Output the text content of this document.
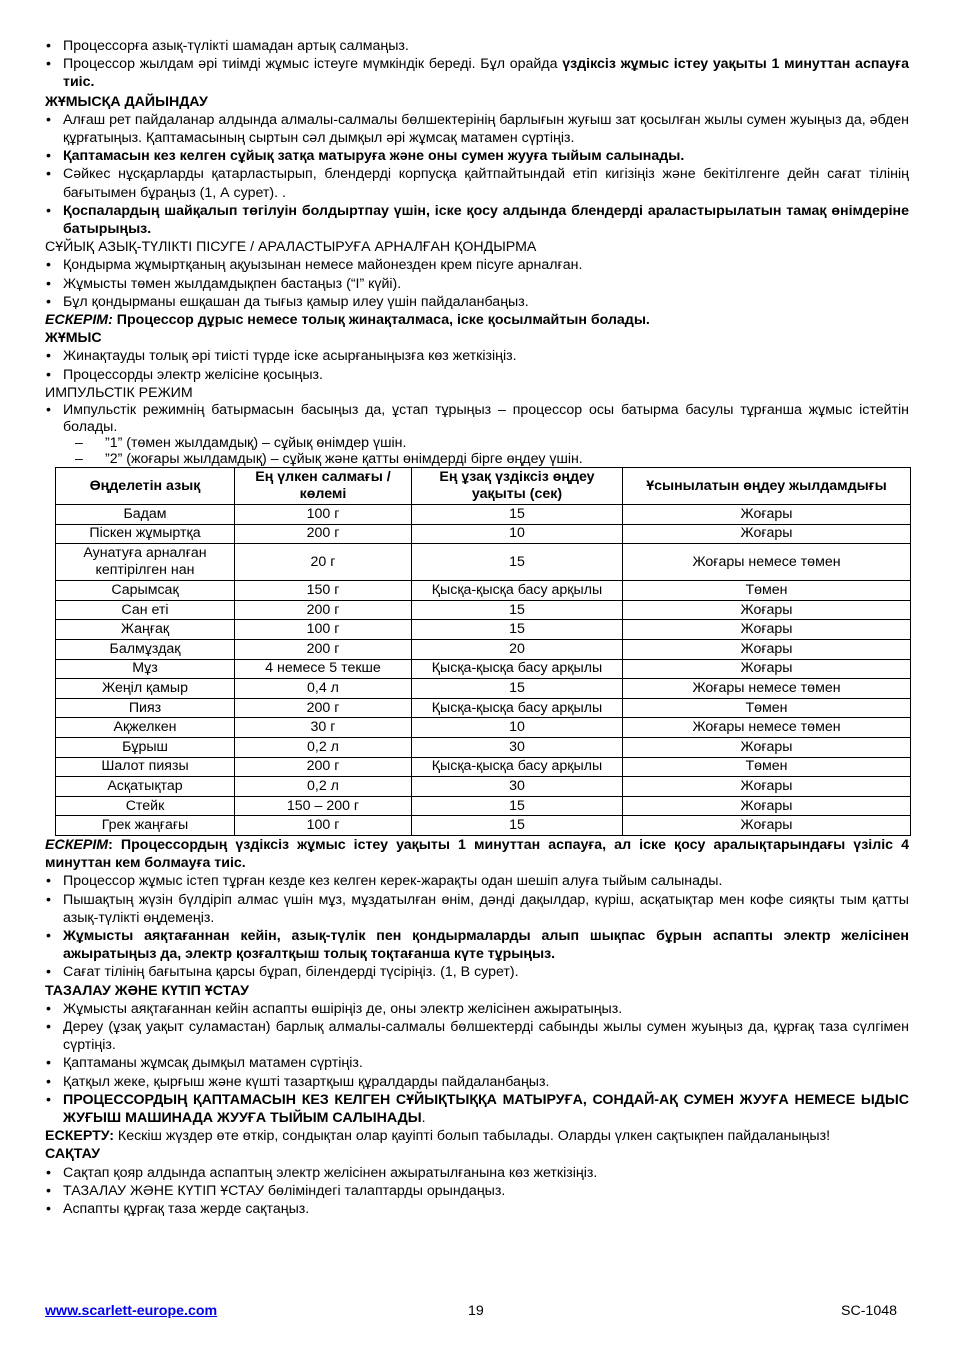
• Процессорға азық-түлікті шамадан артық салмаңыз.
• Процессор жылдам әрі тиімді жұмыс істеуге мүмкіндік береді. Бұл орайда үздіксіз жұмыс істеу уақыты 1 минуттан аспауға тиіс.

ЖҰМЫСҚА ДАЙЫНДАУ

• Алғаш рет пайдаланар алдында алмалы-салмалы бөлшектерінің барлығын жуғыш зат қосылған жылы сумен жуыңыз да, әбден құрғатыңыз. Қаптамасының сыртын сәл дымқыл әрі жұмсақ матамен сүртіңіз.
• Қаптамасын кез келген сұйық затқа матыруға және оны сумен жууға тыйым салынады.
• Сәйкес нұсқарларды қатарластырып, блендерді корпусқа қайтпайтындай етіп кигізіңіз және бекітілгенге дейн сағат тілінің бағытымен бұраңыз (1, А сурет). .
• Қоспалардың шайқалып төгілуін болдыртпау үшін, іске қосу алдында блендерді араластырылатын тамақ өнімдеріне батырыңыз.

СҰЙЫҚ АЗЫҚ-ТҮЛІКТІ ПІСУГЕ / АРАЛАСТЫРУҒА АРНАЛҒАН ҚОНДЫРМА

• Қондырма жұмыртқаның ақуызынан немесе майонезден крем пісуге арналған.
• Жұмысты төмен жылдамдықпен бастаңыз (“I” күйі).
• Бұл қондырманы ешқашан да тығыз қамыр илеу үшін пайдаланбаңыз.

ЕСКЕРІМ: Процессор дұрыс немесе толық жинақталмаса, іске қосылмайтын болады.

ЖҰМЫС

• Жинақтауды толық әрі тиісті түрде іске асырғаныңызға көз жеткізіңіз.
• Процессорды электр желісіне қосыңыз.

ИМПУЛЬСТІК РЕЖИМ

• Импульстік режимнің батырмасын басыңыз да, ұстап тұрыңыз – процессор осы батырма басулы тұрғанша жұмыс істейтін болады.
– ”1” (төмен жылдамдық) – сұйық өнімдер үшін.
– ”2” (жоғары жылдамдық) – сұйық және қатты өнімдерді бірге өңдеу үшін.
Өңделетін азық	Ең үлкен салмағы / көлемі	Ең ұзақ үздіксіз өңдеу уақыты (сек)	Ұсынылатын өңдеу жылдамдығы
Бадам	100 г	15	Жоғары
Піскен жұмыртқа	200 г	10	Жоғары
Аунатуға арналған кептірілген нан	20 г	15	Жоғары немесе төмен
Сарымсақ	150 г	Қысқа-қысқа басу арқылы	Төмен
Сан еті	200 г	15	Жоғары
Жаңғақ	100 г	15	Жоғары
Балмұздақ	200 г	20	Жоғары
Мұз	4 немесе 5 текше	Қысқа-қысқа басу арқылы	Жоғары
Жеңіл қамыр	0,4 л	15	Жоғары немесе төмен
Пияз	200 г	Қысқа-қысқа басу арқылы	Төмен
Ақжелкен	30 г	10	Жоғары немесе төмен
Бұрыш	0,2 л	30	Жоғары
Шалот пиязы	200 г	Қысқа-қысқа басу арқылы	Төмен
Асқатықтар	0,2 л	30	Жоғары
Стейк	150 – 200 г	15	Жоғары
Грек жаңғағы	100 г	15	Жоғары

ЕСКЕРІМ: Процессордың үздіксіз жұмыс істеу уақыты 1 минуттан аспауға, ал іске қосу аралықтарындағы үзіліс 4 минуттан кем болмауға тиіс.

• Процессор жұмыс істеп тұрған кезде кез келген керек-жарақты одан шешіп алуға тыйым салынады.
• Пышақтың жүзін бүлдіріп алмас үшін мұз, мұздатылған өнім, дәнді дақылдар, күріш, асқатықтар мен кофе сияқты тым қатты азық-түлікті өңдемеңіз.
• Жұмысты аяқтағаннан кейін, азық-түлік пен қондырмаларды алып шықпас бұрын аспапты электр желісінен ажыратыңыз да, электр қозғалтқыш толық тоқтағанша күте тұрыңыз.
• Сағат тілінің бағытына қарсы бұрап, бiлендердi түсiрiңiз. (1, В сурет).

ТАЗАЛАУ ЖӘНЕ КҮТІП ҰСТАУ

• Жұмысты аяқтағаннан кейін аспапты өшіріңіз де, оны электр желісінен ажыратыңыз.
• Дереу (ұзақ уақыт суламастан) барлық алмалы-салмалы бөлшектерді сабынды жылы сумен жуыңыз да, құрғақ таза сүлгімен сүртіңіз.
• Қаптаманы жұмсақ дымқыл матамен сүртіңіз.
• Қатқыл жеке, қырғыш және күшті тазартқыш құралдарды пайдаланбаңыз.
• ПРОЦЕССОРДЫҢ ҚАПТАМАСЫН КЕЗ КЕЛГЕН СҰЙЫҚТЫҚҚА МАТЫРУҒА, СОНДАЙ-АҚ СУМЕН ЖУУҒА НЕМЕСЕ ЫДЫС ЖУҒЫШ МАШИНАДА ЖУУҒА ТЫЙЫМ САЛЫНАДЫ.

ЕСКЕРТУ: Кескіш жүздер өте өткір, сондықтан олар қауіпті болып табылады. Оларды үлкен сақтықпен пайдаланыңыз!

САҚТАУ

• Сақтап қояр алдында аспаптың электр желісінен ажыратылғанына көз жеткізіңіз.
• ТАЗАЛАУ ЖӘНЕ КҮТІП ҰСТАУ бөліміндегі талаптарды орындаңыз.
• Аспапты құрғақ таза жерде сақтаңыз.
www.scarlett-europe.com	19	SC-1048
